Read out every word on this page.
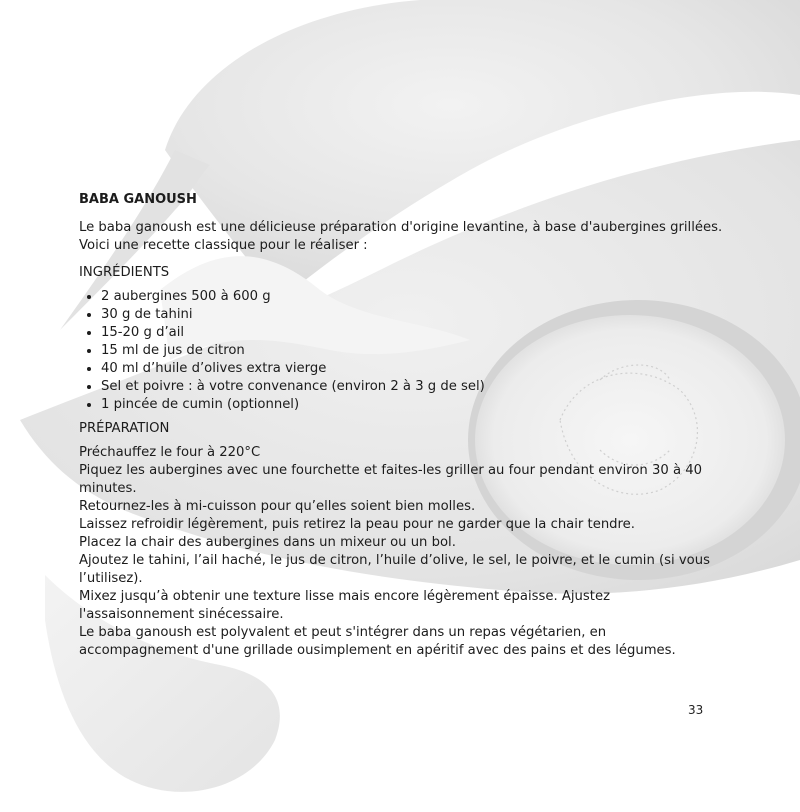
BABA GANOUSH

Le baba ganoush est une délicieuse préparation d'origine levantine, à base d'aubergines grillées. Voici une recette classique pour le réaliser :

INGRÉDIENTS

• 2 aubergines 500 à 600 g
• 30 g de tahini
• 15-20 g d’ail
• 15 ml de jus de citron
• 40 ml d’huile d’olives extra vierge
• Sel et poivre : à votre convenance (environ 2 à 3 g de sel)
• 1 pincée de cumin (optionnel)

PRÉPARATION

Préchauffez le four à 220°C

Piquez les aubergines avec une fourchette et faites-les griller au four pendant environ 30 à 40 minutes.

Retournez-les à mi-cuisson pour qu’elles soient bien molles.

Laissez refroidir légèrement, puis retirez la peau pour ne garder que la chair tendre.

Placez la chair des aubergines dans un mixeur ou un bol.

Ajoutez le tahini, l’ail haché, le jus de citron, l’huile d’olive, le sel, le poivre, et le cumin (si vous l’utilisez).

Mixez jusqu’à obtenir une texture lisse mais encore légèrement épaisse. Ajustez l'assaisonnement sinécessaire.

Le baba ganoush est polyvalent et peut s'intégrer dans un repas végétarien, en accompagnement d'une grillade ousimplement en apéritif avec des pains et des légumes.

33
